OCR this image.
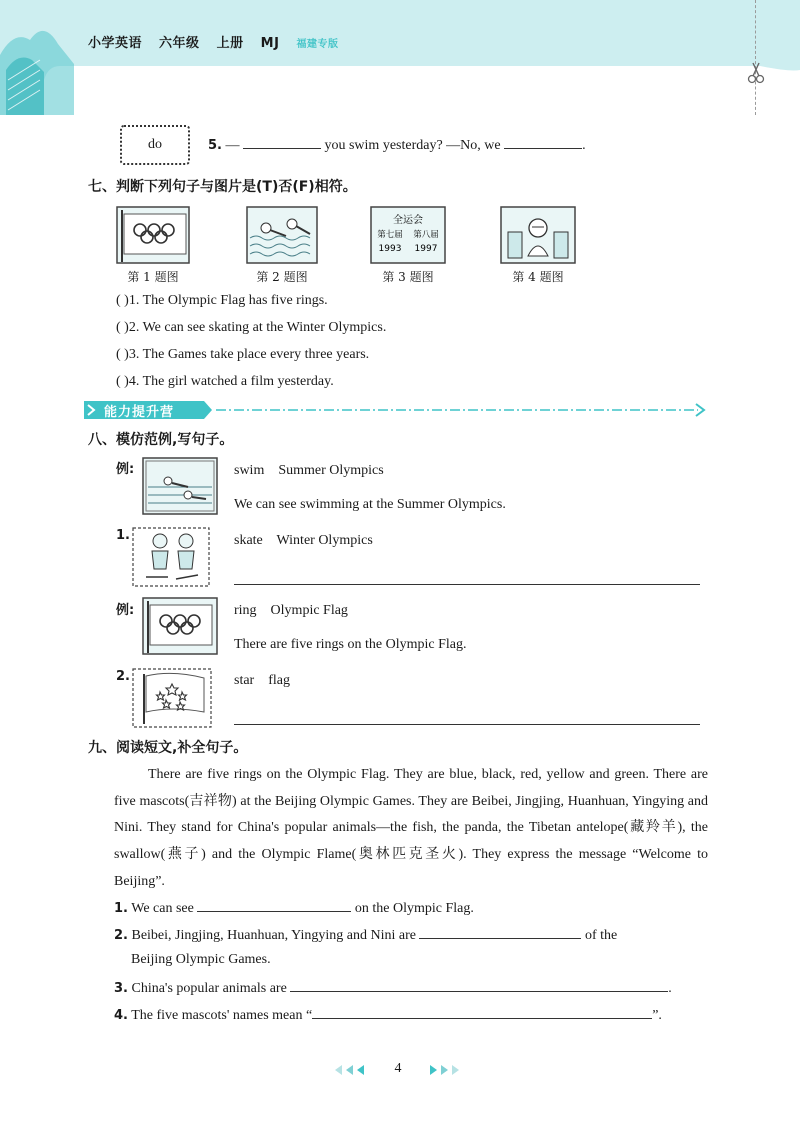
小学英语 六年级 上册 MJ 福建专版
do	5. —	you swim yesterday? —No, we	.
七、判断下列句子与图片是(T)否(F)相符。
全运会
第七届 第八届
1993 1997
第 1 题图	第 2 题图	第 3 题图	第 4 题图
( )1. The Olympic Flag has five rings.
( )2. We can see skating at the Winter Olympics.
( )3. The Games take place every three years.
( )4. The girl watched a film yesterday.
能力提升营
八、模仿范例,写句子。
例:	swim    Summer Olympics
We can see swimming at the Summer Olympics.
1.	skate    Winter Olympics
例:	ring    Olympic Flag
There are five rings on the Olympic Flag.
2.	star    flag
九、阅读短文,补全句子。
There are five rings on the Olympic Flag. They are blue, black, red, yellow and green. There are five mascots(吉祥物) at the Beijing Olympic Games. They are Beibei, Jingjing, Huanhuan, Yingying and Nini. They stand for China's popular animals—the fish, the panda, the Tibetan antelope(藏羚羊), the swallow(燕子) and the Olympic Flame(奥林匹克圣火). They express the message “Welcome to Beijing”.
1. We can see	on the Olympic Flag.
2. Beibei, Jingjing, Huanhuan, Yingying and Nini are	of the
Beijing Olympic Games.
3. China's popular animals are	.
4. The five mascots' names mean “	”.
4
